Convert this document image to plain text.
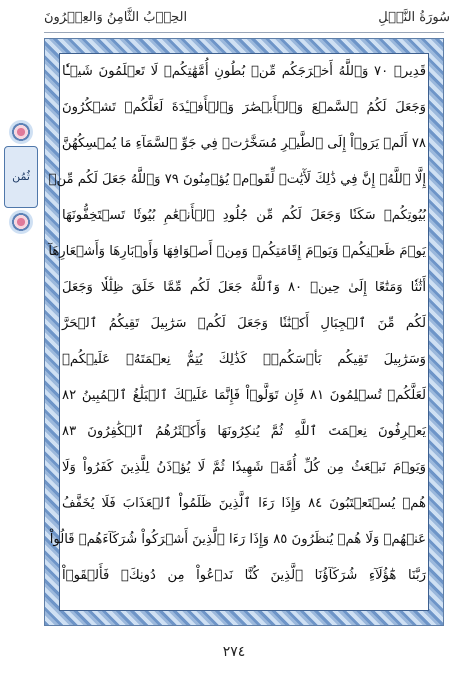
سُورَةُ النَّحۡلِ
الحِزۡبُ الثَّامِنُ وَالعِشۡرُونَ
ثُمُن
قَدِيرٞ ٧٠ وَٱللَّهُ أَخۡرَجَكُم مِّنۢ بُطُونِ أُمَّهَٰتِكُمۡ لَا تَعۡلَمُونَ شَيۡـٔٗا
وَجَعَلَ لَكُمُ ٱلسَّمۡعَ وَٱلۡأَبۡصَٰرَ وَٱلۡأَفۡـِٔدَةَ لَعَلَّكُمۡ تَشۡكُرُونَ
٧٨ أَلَمۡ يَرَوۡاْ إِلَى ٱلطَّيۡرِ مُسَخَّرَٰتٖ فِي جَوِّ ٱلسَّمَآءِ مَا يُمۡسِكُهُنَّ
إِلَّا ٱللَّهُۚ إِنَّ فِي ذَٰلِكَ لَأٓيَٰتٖ لِّقَوۡمٖ يُؤۡمِنُونَ ٧٩ وَٱللَّهُ جَعَلَ لَكُم مِّنۢ
بُيُوتِكُمۡ سَكَنٗا وَجَعَلَ لَكُم مِّن جُلُودِ ٱلۡأَنۡعَٰمِ بُيُوتٗا تَسۡتَخِفُّونَهَا
يَوۡمَ ظَعۡنِكُمۡ وَيَوۡمَ إِقَامَتِكُمۡ وَمِنۡ أَصۡوَافِهَا وَأَوۡبَارِهَا وَأَشۡعَارِهَآ
أَثَٰثٗا وَمَتَٰعًا إِلَىٰ حِينٖ ٨٠ وَٱللَّهُ جَعَلَ لَكُم مِّمَّا خَلَقَ ظِلَٰلٗا وَجَعَلَ
لَكُم مِّنَ ٱلۡجِبَالِ أَكۡنَٰنٗا وَجَعَلَ لَكُمۡ سَرَٰبِيلَ تَقِيكُمُ ٱلۡحَرَّ
وَسَرَٰبِيلَ تَقِيكُم بَأۡسَكُمۡۚ كَذَٰلِكَ يُتِمُّ نِعۡمَتَهُۥ عَلَيۡكُمۡ
لَعَلَّكُمۡ تُسۡلِمُونَ ٨١ فَإِن تَوَلَّوۡاْ فَإِنَّمَا عَلَيۡكَ ٱلۡبَلَٰغُ ٱلۡمُبِينُ ٨٢
يَعۡرِفُونَ نِعۡمَتَ ٱللَّهِ ثُمَّ يُنكِرُونَهَا وَأَكۡثَرُهُمُ ٱلۡكَٰفِرُونَ ٨٣
وَيَوۡمَ نَبۡعَثُ مِن كُلِّ أُمَّةٖ شَهِيدٗا ثُمَّ لَا يُؤۡذَنُ لِلَّذِينَ كَفَرُواْ وَلَا
هُمۡ يُسۡتَعۡتَبُونَ ٨٤ وَإِذَا رَءَا ٱلَّذِينَ ظَلَمُواْ ٱلۡعَذَابَ فَلَا يُخَفَّفُ
عَنۡهُمۡ وَلَا هُمۡ يُنظَرُونَ ٨٥ وَإِذَا رَءَا ٱلَّذِينَ أَشۡرَكُواْ شُرَكَآءَهُمۡ قَالُواْ
رَبَّنَا هَٰٓؤُلَآءِ شُرَكَآؤُنَا ٱلَّذِينَ كُنَّا نَدۡعُواْ مِن دُونِكَۖ فَأَلۡقَوۡاْ
٢٧٤
